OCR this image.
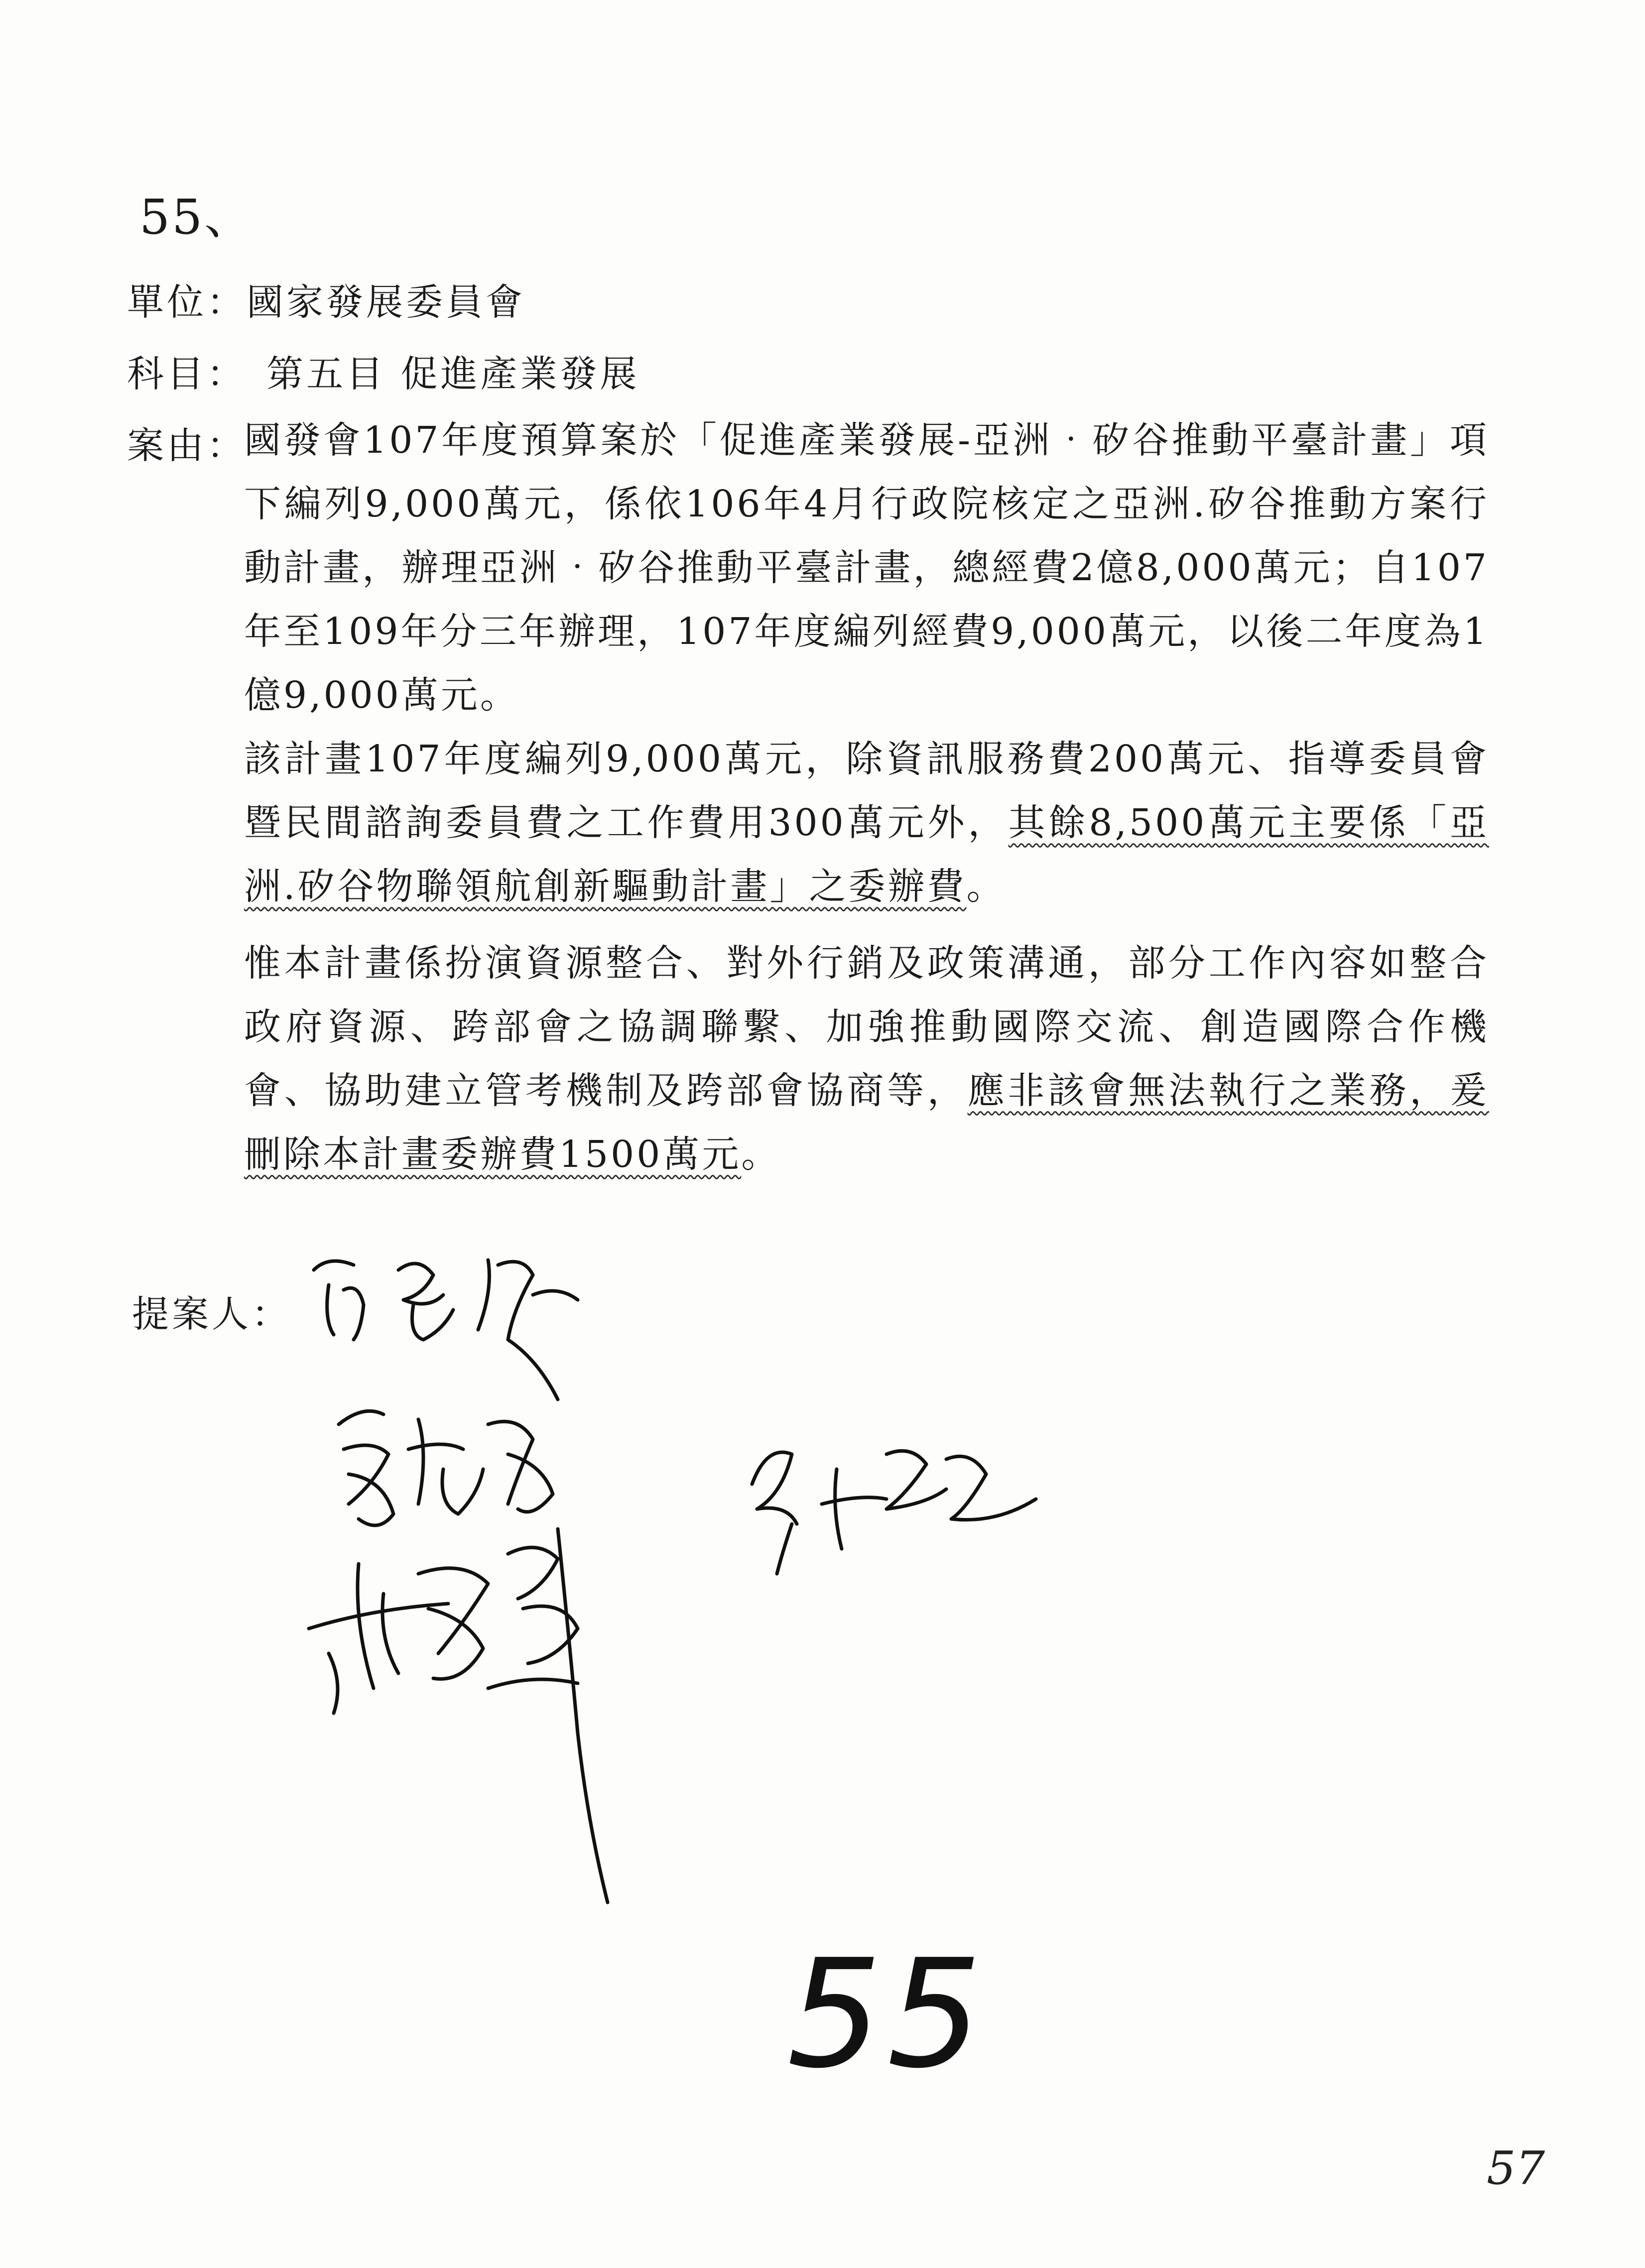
55、
單位：國家發展委員會
科目： 第五目 促進產業發展
案由：
國發會107年度預算案於「促進產業發展-亞洲‧矽谷推動平臺計畫」項下編列9,000萬元，係依106年4月行政院核定之亞洲.矽谷推動方案行動計畫，辦理亞洲‧矽谷推動平臺計畫，總經費2億8,000萬元；自107年至109年分三年辦理，107年度編列經費9,000萬元，以後二年度為1億9,000萬元。
該計畫107年度編列9,000萬元，除資訊服務費200萬元、指導委員會暨民間諮詢委員費之工作費用300萬元外，其餘8,500萬元主要係「亞洲.矽谷物聯領航創新驅動計畫」之委辦費。
惟本計畫係扮演資源整合、對外行銷及政策溝通，部分工作內容如整合政府資源、跨部會之協調聯繫、加強推動國際交流、創造國際合作機會、協助建立管考機制及跨部會協商等，應非該會無法執行之業務，爰刪除本計畫委辦費1500萬元。
提案人：
55
57
